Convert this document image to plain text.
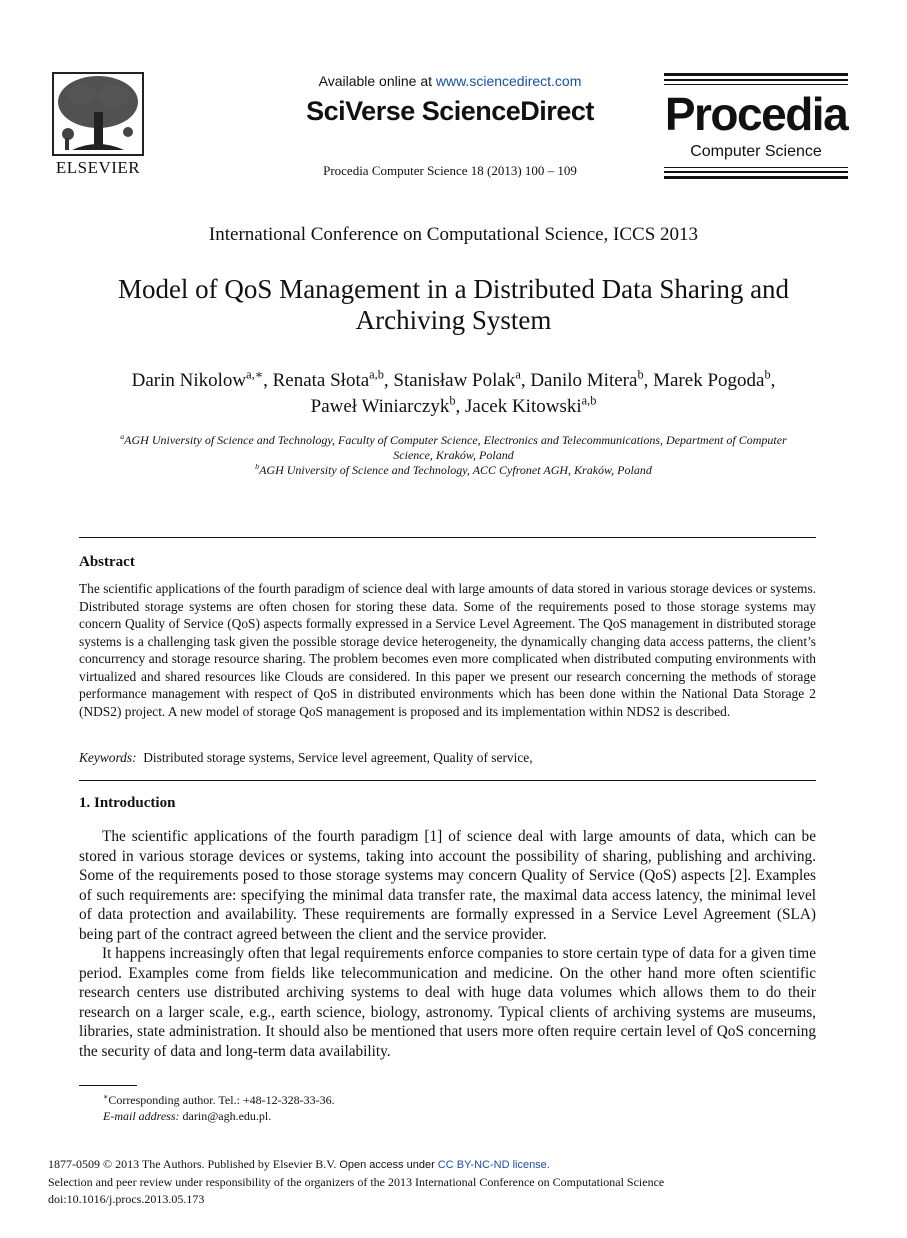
ELSEVIER
Available online at www.sciencedirect.com
SciVerse ScienceDirect
Procedia Computer Science 18 (2013) 100 – 109
Procedia
Computer Science
International Conference on Computational Science, ICCS 2013
Model of QoS Management in a Distributed Data Sharing and
Archiving System
Darin Nikolow$^{a,∗}$, Renata Słota$^{a,b}$, Stanisław Polak$^a$, Danilo Mitera$^b$, Marek Pogoda$^b$,
Paweł Winiarczyk$^b$, Jacek Kitowski$^{a,b}$
$^a$AGH University of Science and Technology, Faculty of Computer Science, Electronics and Telecommunications, Department of Computer
Science, Kraków, Poland
$^b$AGH University of Science and Technology, ACC Cyfronet AGH, Kraków, Poland
Abstract
The scientific applications of the fourth paradigm of science deal with large amounts of data stored in various storage devices or systems. Distributed storage systems are often chosen for storing these data. Some of the requirements posed to those storage systems may concern Quality of Service (QoS) aspects formally expressed in a Service Level Agreement. The QoS management in distributed storage systems is a challenging task given the possible storage device heterogeneity, the dynamically changing data access patterns, the client’s concurrency and storage resource sharing. The problem becomes even more complicated when distributed computing environments with virtualized and shared resources like Clouds are considered. In this paper we present our research concerning the methods of storage performance management with respect of QoS in distributed environments which has been done within the National Data Storage 2 (NDS2) project. A new model of storage QoS management is proposed and its implementation within NDS2 is described.
Keywords: Distributed storage systems, Service level agreement, Quality of service,
1. Introduction
The scientific applications of the fourth paradigm [1] of science deal with large amounts of data, which can be stored in various storage devices or systems, taking into account the possibility of sharing, publishing and archiving. Some of the requirements posed to those storage systems may concern Quality of Service (QoS) aspects [2]. Examples of such requirements are: specifying the minimal data transfer rate, the maximal data access latency, the minimal level of data protection and availability. These requirements are formally expressed in a Service Level Agreement (SLA) being part of the contract agreed between the client and the service provider.
It happens increasingly often that legal requirements enforce companies to store certain type of data for a given time period. Examples come from fields like telecommunication and medicine. On the other hand more often scientific research centers use distributed archiving systems to deal with huge data volumes which allows them to do their research on a larger scale, e.g., earth science, biology, astronomy. Typical clients of archiving systems are museums, libraries, state administration. It should also be mentioned that users more often require certain level of QoS concerning the security of data and long-term data availability.
∗Corresponding author. Tel.: +48-12-328-33-36.
E-mail address: darin@agh.edu.pl.
1877-0509 © 2013 The Authors. Published by Elsevier B.V. Open access under CC BY-NC-ND license.
Selection and peer review under responsibility of the organizers of the 2013 International Conference on Computational Science
doi:10.1016/j.procs.2013.05.173
